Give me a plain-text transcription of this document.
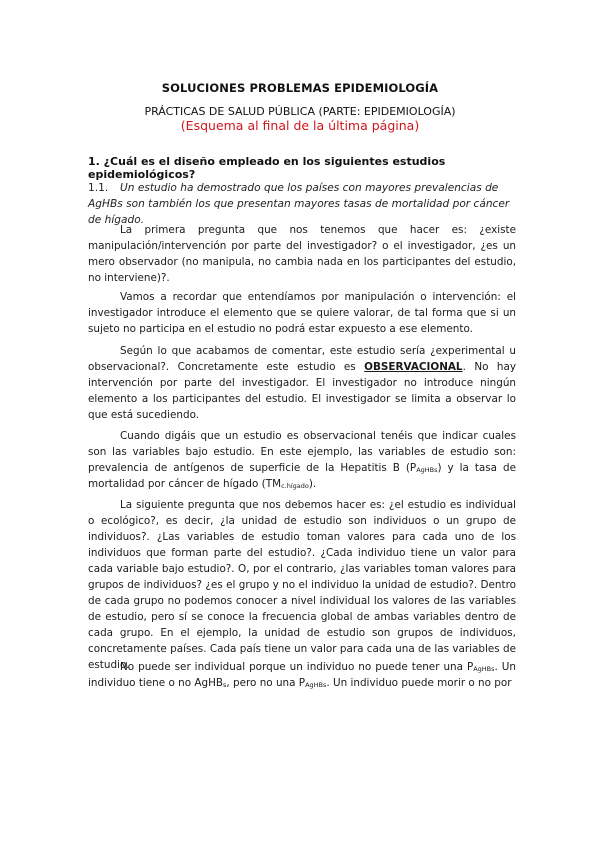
SOLUCIONES PROBLEMAS EPIDEMIOLOGÍA
PRÁCTICAS DE SALUD PÚBLICA (PARTE: EPIDEMIOLOGÍA)
(Esquema al final de la última página)
1. ¿Cuál es el diseño empleado en los siguientes estudios epidemiológicos?
1.1. Un estudio ha demostrado que los países con mayores prevalencias de AgHBs son también los que presentan mayores tasas de mortalidad por cáncer de hígado.
La primera pregunta que nos tenemos que hacer es: ¿existe manipulación/intervención por parte del investigador? o el investigador, ¿es un mero observador (no manipula, no cambia nada en los participantes del estudio, no interviene)?.
Vamos a recordar que entendíamos por manipulación o intervención: el investigador introduce el elemento que se quiere valorar, de tal forma que si un sujeto no participa en el estudio no podrá estar expuesto a ese elemento.
Según lo que acabamos de comentar, este estudio sería ¿experimental u observacional?. Concretamente este estudio es OBSERVACIONAL. No hay intervención por parte del investigador. El investigador no introduce ningún elemento a los participantes del estudio. El investigador se limita a observar lo que está sucediendo.
Cuando digáis que un estudio es observacional tenéis que indicar cuales son las variables bajo estudio. En este ejemplo, las variables de estudio son: prevalencia de antígenos de superficie de la Hepatitis B $(P_{AgHBs})$ y la tasa de mortalidad por cáncer de hígado $(TM_{c.hígado})$.
La siguiente pregunta que nos debemos hacer es: ¿el estudio es individual o ecológico?, es decir, ¿la unidad de estudio son individuos o un grupo de individuos?. ¿Las variables de estudio toman valores para cada uno de los individuos que forman parte del estudio?. ¿Cada individuo tiene un valor para cada variable bajo estudio?. O, por el contrario, ¿las variables toman valores para grupos de individuos? ¿es el grupo y no el individuo la unidad de estudio?. Dentro de cada grupo no podemos conocer a nivel individual los valores de las variables de estudio, pero sí se conoce la frecuencia global de ambas variables dentro de cada grupo. En el ejemplo, la unidad de estudio son grupos de individuos, concretamente países. Cada país tiene un valor para cada una de las variables de estudio.
No puede ser individual porque un individuo no puede tener una $P_{AgHBs}$. Un individuo tiene o no AgHB$_s$, pero no una $P_{AgHBs}$. Un individuo puede morir o no por
